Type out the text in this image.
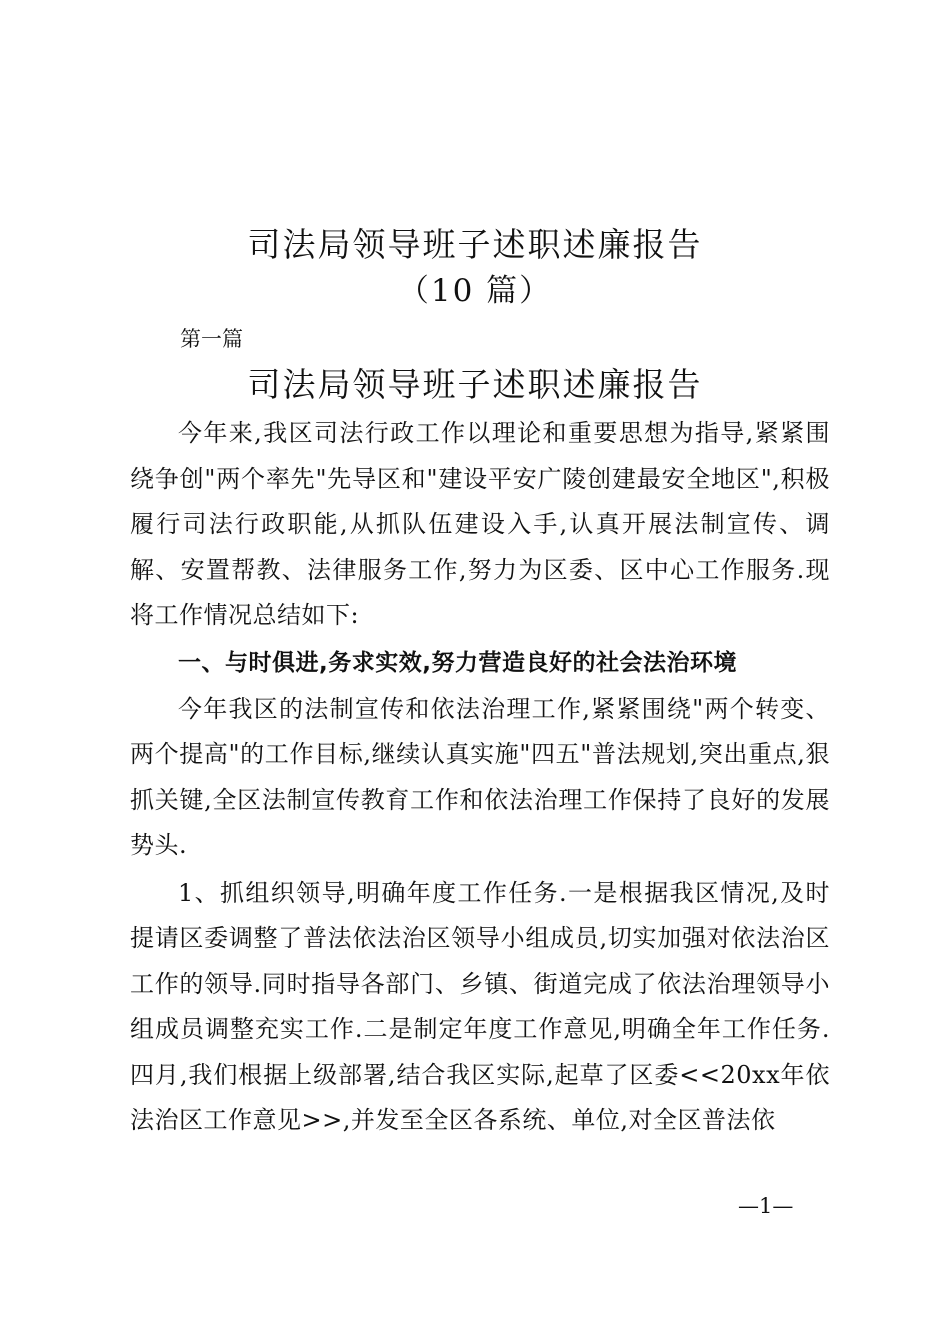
司法局领导班子述职述廉报告
（10 篇）
第一篇
司法局领导班子述职述廉报告

今年来,我区司法行政工作以理论和重要思想为指导,紧紧围绕争创"两个率先"先导区和"建设平安广陵创建最安全地区",积极履行司法行政职能,从抓队伍建设入手,认真开展法制宣传、调解、安置帮教、法律服务工作,努力为区委、区中心工作服务.现将工作情况总结如下:

一、与时俱进,务求实效,努力营造良好的社会法治环境

今年我区的法制宣传和依法治理工作,紧紧围绕"两个转变、两个提高"的工作目标,继续认真实施"四五"普法规划,突出重点,狠抓关键,全区法制宣传教育工作和依法治理工作保持了良好的发展势头.

1、抓组织领导,明确年度工作任务.一是根据我区情况,及时提请区委调整了普法依法治区领导小组成员,切实加强对依法治区工作的领导.同时指导各部门、乡镇、街道完成了依法治理领导小组成员调整充实工作.二是制定年度工作意见,明确全年工作任务.四月,我们根据上级部署,结合我区实际,起草了区委<<20xx年依法治区工作意见>>,并发至全区各系统、单位,对全区普法依

—1—
